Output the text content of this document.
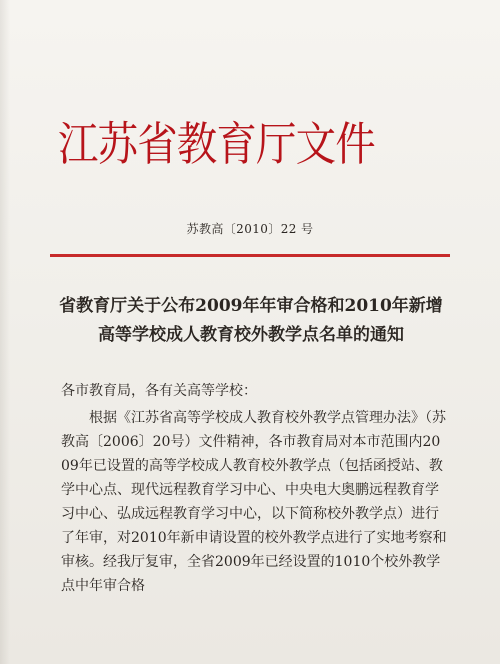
江苏省教育厅文件
苏教高〔2010〕22 号
省教育厅关于公布2009年年审合格和2010年新增
高等学校成人教育校外教学点名单的通知
各市教育局，各有关高等学校：

根据《江苏省高等学校成人教育校外教学点管理办法》（苏教高〔2006〕20号）文件精神，各市教育局对本市范围内2009年已设置的高等学校成人教育校外教学点（包括函授站、教学中心点、现代远程教育学习中心、中央电大奥鹏远程教育学习中心、弘成远程教育学习中心，以下简称校外教学点）进行了年审，对2010年新申请设置的校外教学点进行了实地考察和审核。经我厅复审，全省2009年已经设置的1010个校外教学点中年审合格
